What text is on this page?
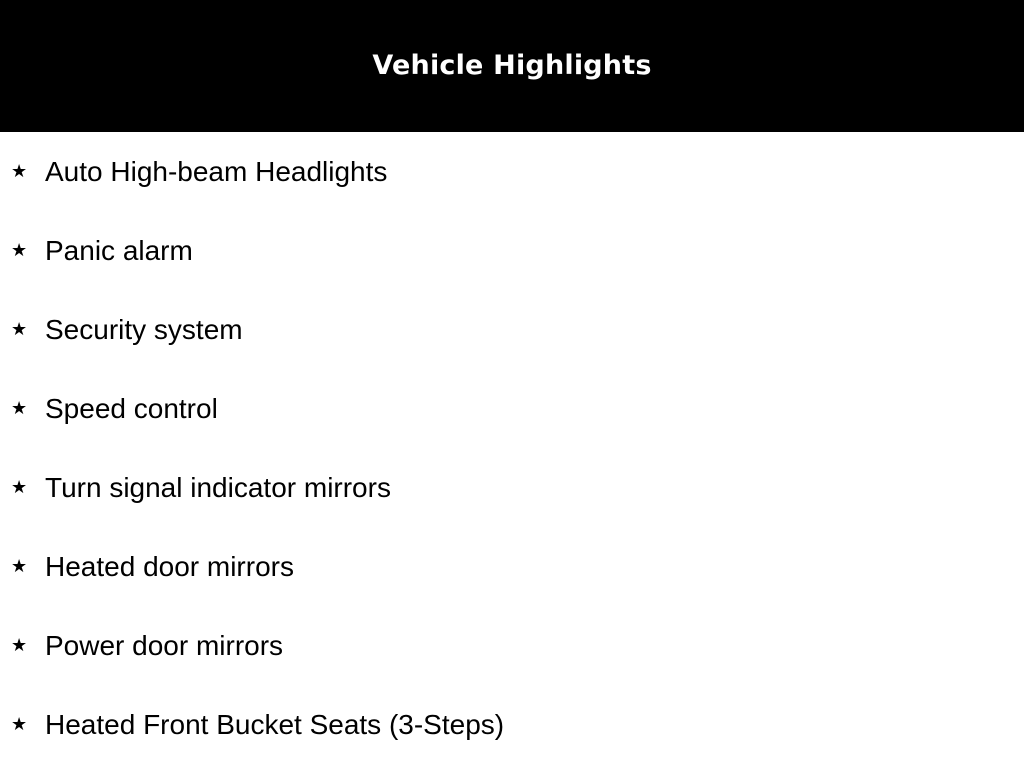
Vehicle Highlights
★ Auto High-beam Headlights
★ Panic alarm
★ Security system
★ Speed control
★ Turn signal indicator mirrors
★ Heated door mirrors
★ Power door mirrors
★ Heated Front Bucket Seats (3-Steps)
